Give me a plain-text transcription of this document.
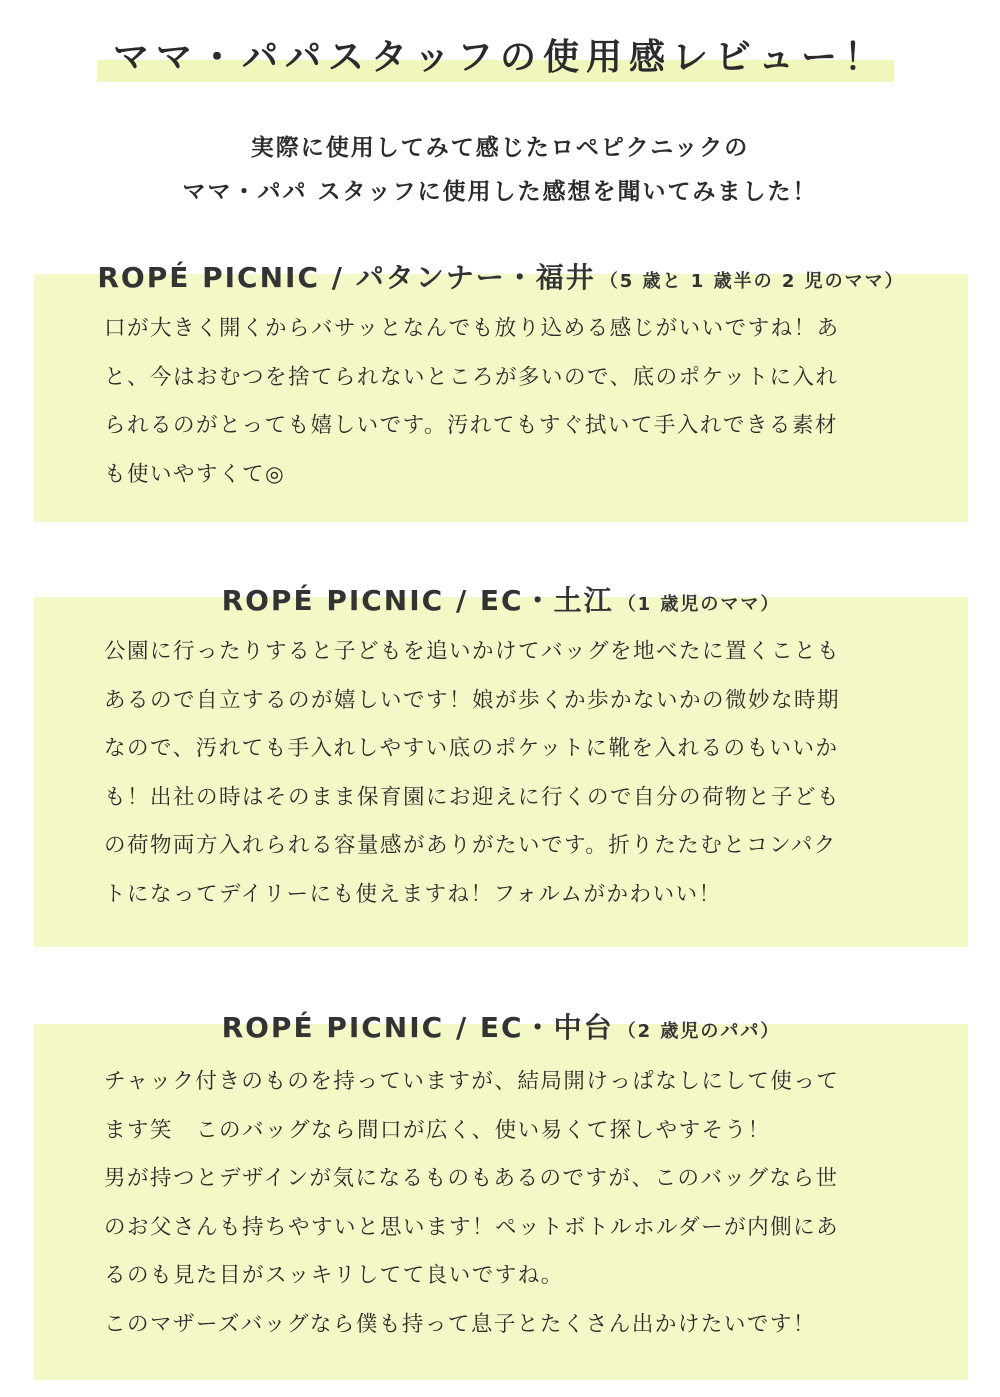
ママ・パパスタッフの使用感レビュー！
実際に使用してみて感じたロペピクニックの
ママ・パパ スタッフに使用した感想を聞いてみました！
ROPÉ PICNIC / パタンナー・福井 （5 歳と 1 歳半の 2 児のママ）
口が大きく開くからバサッとなんでも放り込める感じがいいですね！あ
と、今はおむつを捨てられないところが多いので、底のポケットに入れ
られるのがとっても嬉しいです。汚れてもすぐ拭いて手入れできる素材
も使いやすくて◎
ROPÉ PICNIC / EC・土江 （1 歳児のママ）
公園に行ったりすると子どもを追いかけてバッグを地べたに置くことも
あるので自立するのが嬉しいです！娘が歩くか歩かないかの微妙な時期
なので、汚れても手入れしやすい底のポケットに靴を入れるのもいいか
も！出社の時はそのまま保育園にお迎えに行くので自分の荷物と子ども
の荷物両方入れられる容量感がありがたいです。折りたたむとコンパク
トになってデイリーにも使えますね！フォルムがかわいい！
ROPÉ PICNIC / EC・中台 （2 歳児のパパ）
チャック付きのものを持っていますが、結局開けっぱなしにして使って
ます笑　このバッグなら間口が広く、使い易くて探しやすそう！
男が持つとデザインが気になるものもあるのですが、このバッグなら世
のお父さんも持ちやすいと思います！ペットボトルホルダーが内側にあ
るのも見た目がスッキリしてて良いですね。
このマザーズバッグなら僕も持って息子とたくさん出かけたいです！
